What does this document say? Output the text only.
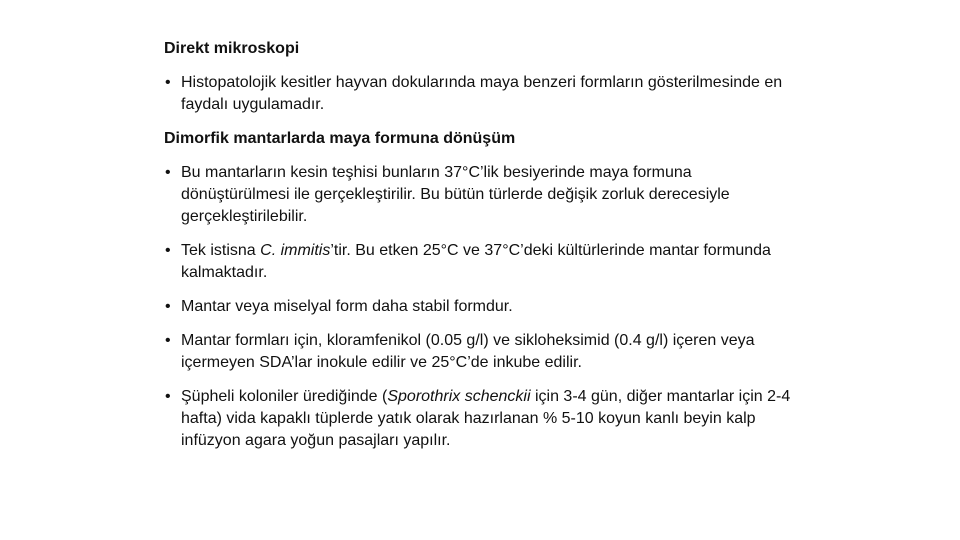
Direkt mikroskopi
• Histopatolojik kesitler hayvan dokularında maya benzeri formların gösterilmesinde en faydalı uygulamadır.
Dimorfik mantarlarda maya formuna dönüşüm
• Bu mantarların kesin teşhisi bunların 37°C’lik besiyerinde maya formuna dönüştürülmesi ile gerçekleştirilir. Bu bütün türlerde değişik zorluk derecesiyle gerçekleştirilebilir.
• Tek istisna C. immitis’tir. Bu etken 25°C ve 37°C’deki kültürlerinde mantar formunda kalmaktadır.
• Mantar veya miselyal form daha stabil formdur.
• Mantar formları için, kloramfenikol (0.05 g/l) ve sikloheksimid (0.4 g/l) içeren veya içermeyen SDA’lar inokule edilir ve 25°C’de inkube edilir.
• Şüpheli koloniler ürediğinde (Sporothrix schenckii için 3-4 gün, diğer mantarlar için 2-4 hafta) vida kapaklı tüplerde yatık olarak hazırlanan % 5-10 koyun kanlı beyin kalp infüzyon agara yoğun pasajları yapılır.
